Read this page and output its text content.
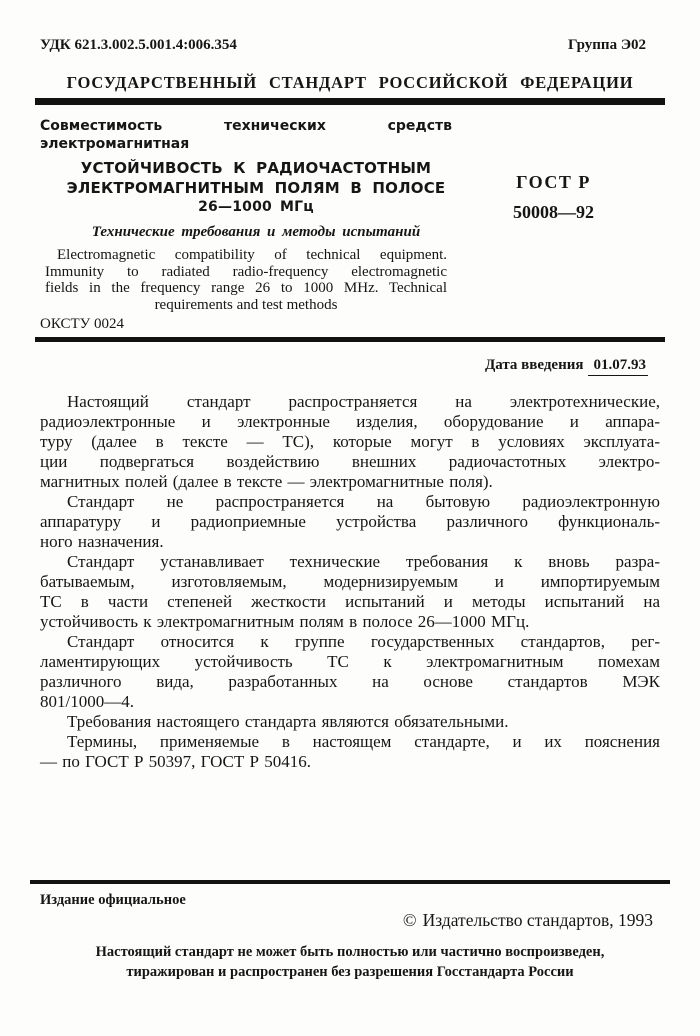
УДК 621.3.002.5.001.4:006.354	Группа Э02
ГОСУДАРСТВЕННЫЙ СТАНДАРТ РОССИЙСКОЙ ФЕДЕРАЦИИ
Совместимость технических средств электромагнитная
УСТОЙЧИВОСТЬ К РАДИОЧАСТОТНЫМ
ЭЛЕКТРОМАГНИТНЫМ ПОЛЯМ В ПОЛОСЕ
26—1000 МГц
Технические требования и методы испытаний
Electromagnetic compatibility of technical equipment.
Immunity to radiated radio-frequency electromagnetic
fields in the frequency range 26 to 1000 MHz. Technical
requirements and test methods
ОКСТУ 0024
ГОСТ Р
50008—92
Дата введения 01.07.93
Настоящий стандарт распространяется на электротехнические,
радиоэлектронные и электронные изделия, оборудование и аппара-
туру (далее в тексте — ТС), которые могут в условиях эксплуата-
ции подвергаться воздействию внешних радиочастотных электро-
магнитных полей (далее в тексте — электромагнитные поля).
Стандарт не распространяется на бытовую радиоэлектронную
аппаратуру и радиоприемные устройства различного функциональ-
ного назначения.
Стандарт устанавливает технические требования к вновь разра-
батываемым, изготовляемым, модернизируемым и импортируемым
ТС в части степеней жесткости испытаний и методы испытаний на
устойчивость к электромагнитным полям в полосе 26—1000 МГц.
Стандарт относится к группе государственных стандартов, рег-
ламентирующих устойчивость ТС к электромагнитным помехам
различного вида, разработанных на основе стандартов МЭК
801/1000—4.
Требования настоящего стандарта являются обязательными.
Термины, применяемые в настоящем стандарте, и их пояснения
— по ГОСТ Р 50397, ГОСТ Р 50416.
Издание официальное
© Издательство стандартов, 1993
Настоящий стандарт не может быть полностью или частично воспроизведен,
тиражирован и распространен без разрешения Госстандарта России
